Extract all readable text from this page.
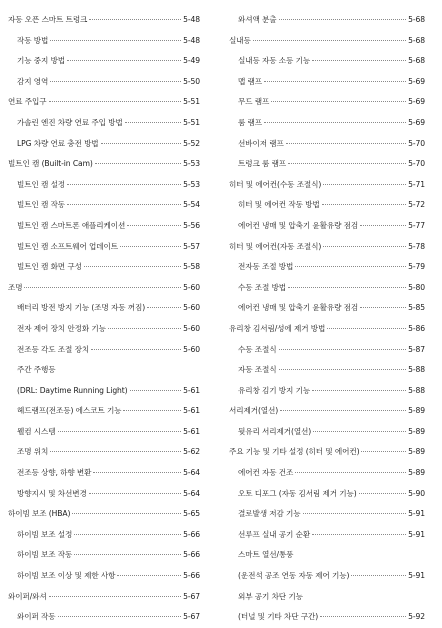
자동 오픈 스마트 트렁크	5-48
작동 방법	5-48
기능 중지 방법	5-49
감지 영역	5-50
연료 주입구	5-51
가솔린 엔진 차량 연료 주입 방법	5-51
LPG 차량 연료 충전 방법	5-52
빌트인 캠 (Built-in Cam)	5-53
빌트인 캠 설정	5-53
빌트인 캠 작동	5-54
빌트인 캠 스마트폰 애플리케이션	5-56
빌트인 캠 소프트웨어 업데이트	5-57
빌트인 캠 화면 구성	5-58
조명	5-60
배터리 방전 방지 기능 (조명 자동 꺼짐)	5-60
전자 제어 장치 안정화 기능	5-60
전조등 각도 조절 장치	5-60
주간 주행등
(DRL: Daytime Running Light)	5-61
헤드램프(전조등) 에스코트 기능	5-61
웰컴 시스템	5-61
조명 위치	5-62
전조등 상향, 하향 변환	5-64
방향지시 및 차선변경	5-64
하이빔 보조 (HBA)	5-65
하이빔 보조 설정	5-66
하이빔 보조 작동	5-66
하이빔 보조 이상 및 제한 사항	5-66
와이퍼/와셔	5-67
와이퍼 작동	5-67
와셔액 분출	5-68
실내등	5-68
실내등 자동 소등 기능	5-68
맵 램프	5-69
무드 램프	5-69
룸 램프	5-69
선바이저 램프	5-70
트렁크 룸 램프	5-70
히터 및 에어컨(수동 조절식)	5-71
히터 및 에어컨 작동 방법	5-72
에어컨 냉매 및 압축기 윤활유량 점검	5-77
히터 및 에어컨(자동 조절식)	5-78
전자동 조절 방법	5-79
수동 조절 방법	5-80
에어컨 냉매 및 압축기 윤활유량 점검	5-85
유리창 김서림/성에 제거 방법	5-86
수동 조절식	5-87
자동 조절식	5-88
유리창 김기 방지 기능	5-88
서리제거(열선)	5-89
뒷유리 서리제거(열선)	5-89
주요 기능 및 기타 설정 (히터 및 에어컨)	5-89
에어컨 자동 건조	5-89
오토 디포그 (자동 김서림 제거 기능)	5-90
결로발생 저감 기능	5-91
선루프 실내 공기 순환	5-91
스마트 열선/통풍
(운전석 공조 연동 자동 제어 기능)	5-91
외부 공기 차단 기능
(터널 및 기타 차단 구간)	5-92
